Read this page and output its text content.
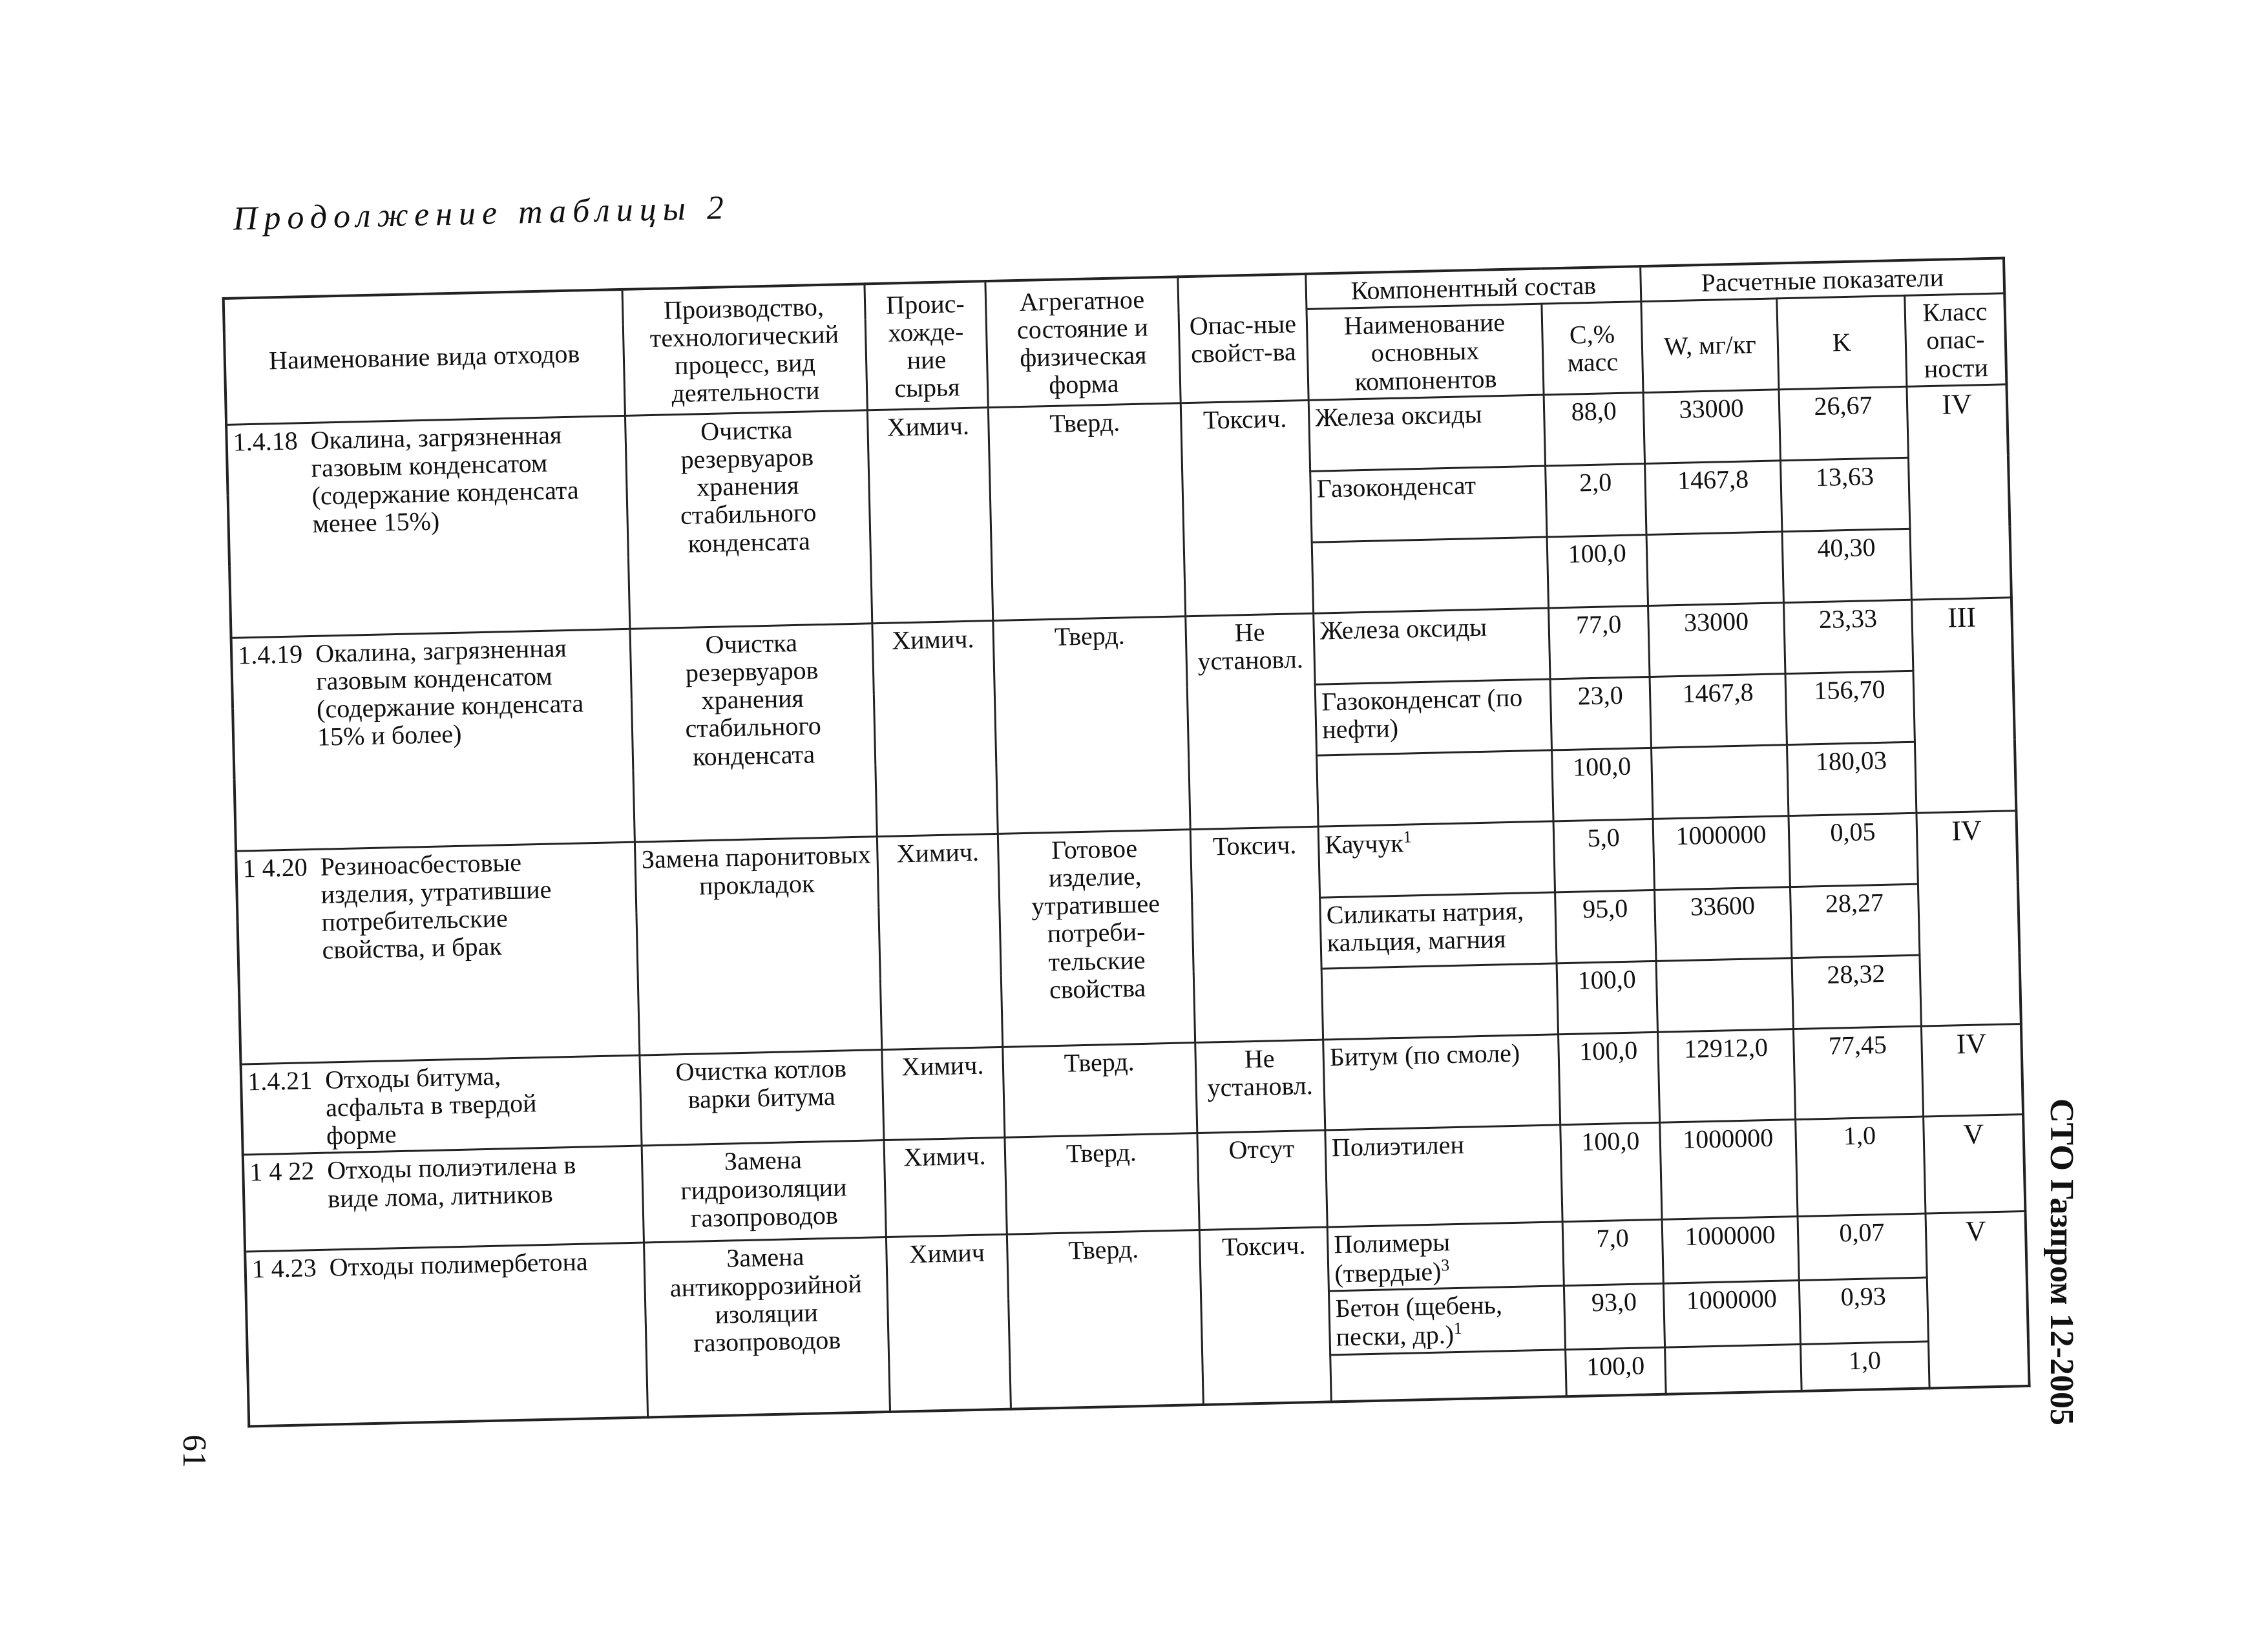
Продолжение таблицы 2
Наименование вида отходов	Производство, технологический процесс, вид деятельности	Проис-хожде-ние сырья	Агрегатное состояние и физическая форма	Опас-ные свойст-ва	Компонентный состав		Расчетные показатели		
					Наименование основных компонентов	С,% масс	W, мг/кг	K	Класс опас-ности
1.4.18 Окалина, загрязненная газовым конденсатом (содержание конденсата менее 15%)	Очистка резервуаров хранения стабильного конденсата	Химич.	Тверд.	Токсич.	Железа оксиды	88,0	33000	26,67	IV
					Газоконденсат	2,0	1467,8	13,63	
						100,0		40,30	
1.4.19 Окалина, загрязненная газовым конденсатом (содержание конденсата 15% и более)	Очистка резервуаров хранения стабильного конденсата	Химич.	Тверд.	Не установл.	Железа оксиды	77,0	33000	23,33	III
					Газоконденсат (по нефти)	23,0	1467,8	156,70	
						100,0		180,03	
1 4.20 Резиноасбестовые изделия, утратившие потребительские свойства, и брак	Замена паронитовых прокладок	Химич.	Готовое изделие, утратившее потреби-тельские свойства	Токсич.	Каучук$^1$	5,0	1000000	0,05	IV
					Силикаты натрия, кальция, магния	95,0	33600	28,27	
						100,0		28,32	
1.4.21 Отходы битума, асфальта в твердой форме	Очистка котлов варки битума	Химич.	Тверд.	Не установл.	Битум (по смоле)	100,0	12912,0	77,45	IV
1 4 22 Отходы полиэтилена в виде лома, литников	Замена гидроизоляции газопроводов	Химич.	Тверд.	Отсут	Полиэтилен	100,0	1000000	1,0	V
1 4.23 Отходы полимербетона	Замена антикоррозийной изоляции газопроводов	Химич	Тверд.	Токсич.	Полимеры (твердые)$^3$	7,0	1000000	0,07	V
					Бетон (щебень, пески, др.)$^1$	93,0	1000000	0,93	
						100,0		1,0		СТО Газпром 12-2005
61
